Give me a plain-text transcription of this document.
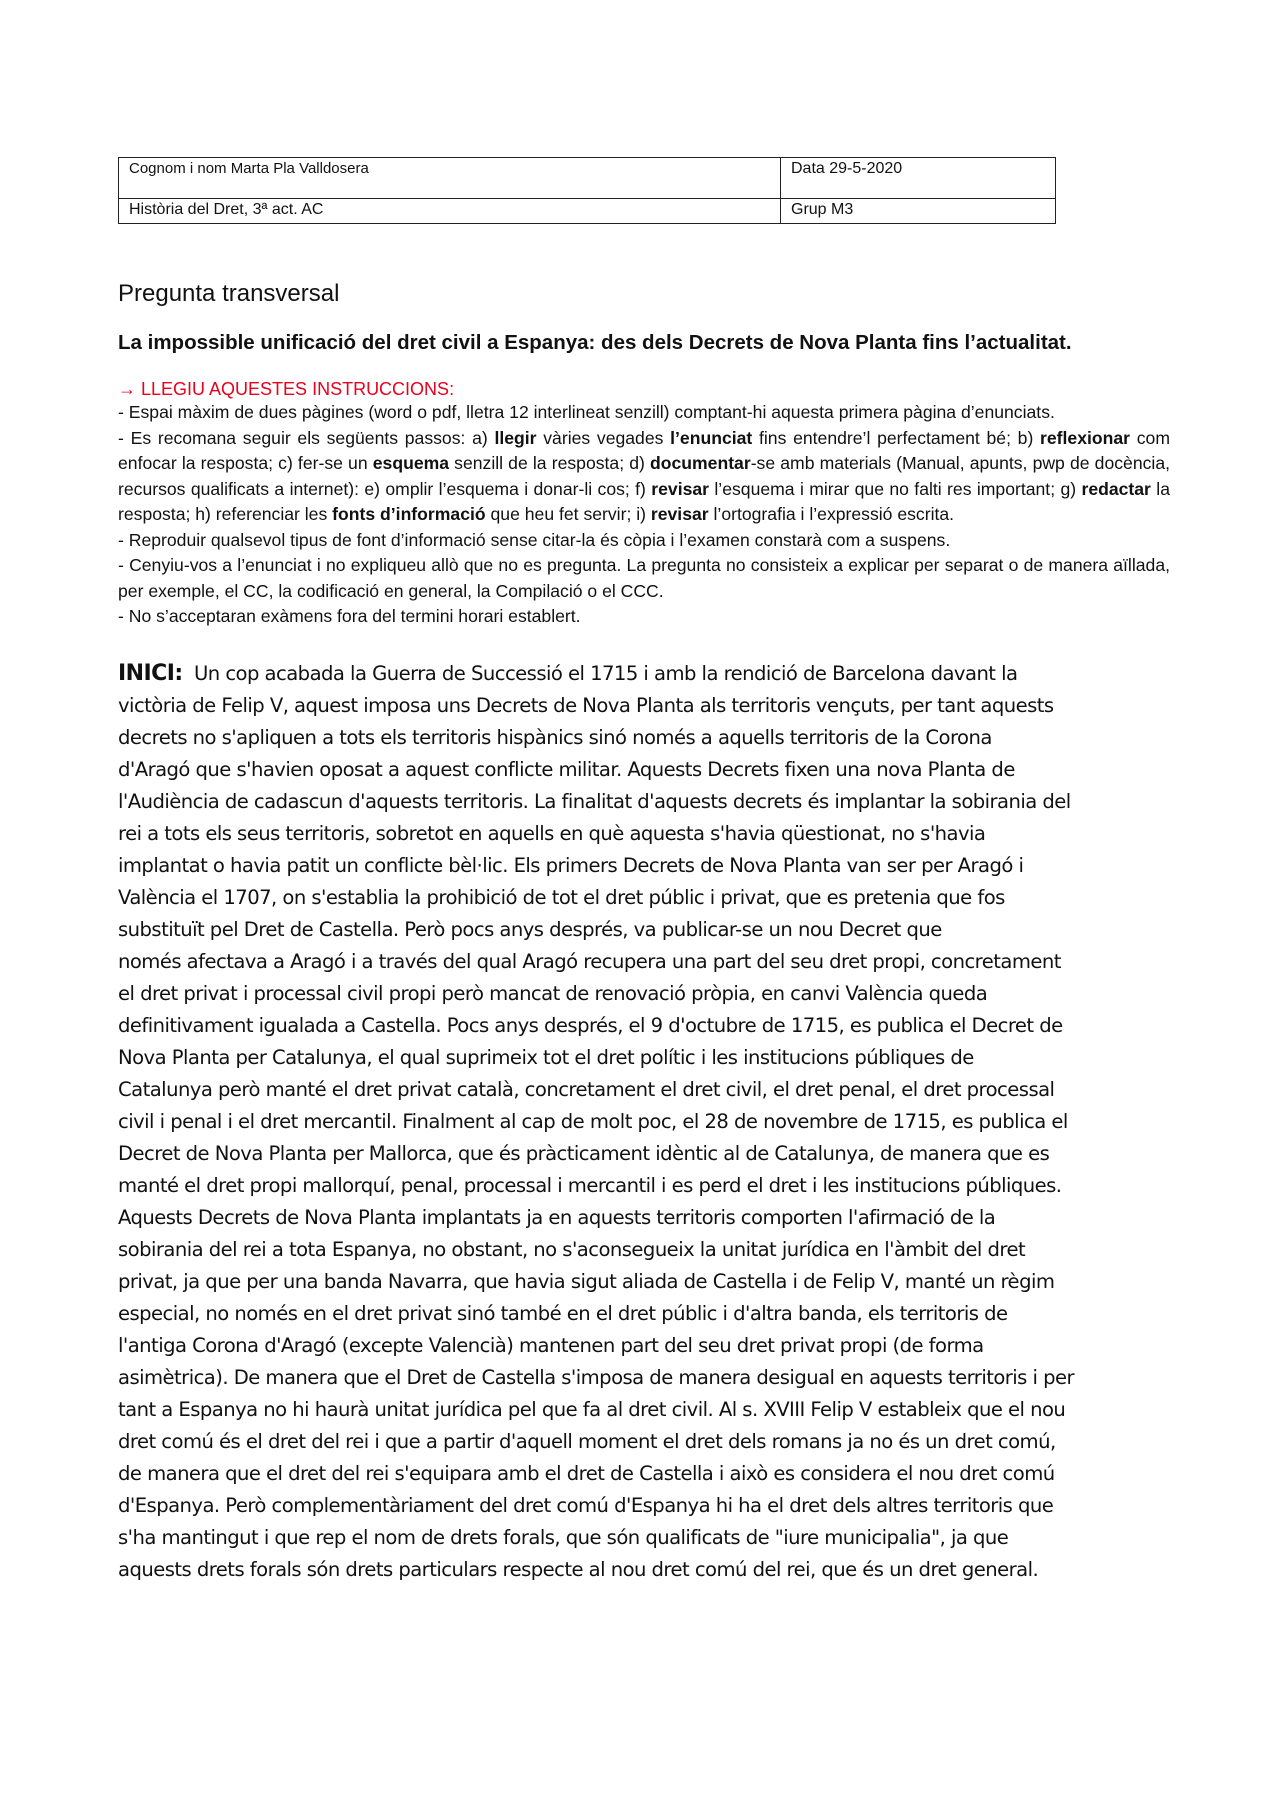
Cognom i nom Marta Pla Valldosera	Data 29-5-2020
Història del Dret, 3ª act. AC	Grup M3
Pregunta transversal
La impossible unificació del dret civil a Espanya: des dels Decrets de Nova Planta fins l’actualitat.
→ LLEGIU AQUESTES INSTRUCCIONS:

- Espai màxim de dues pàgines (word o pdf, lletra 12 interlineat senzill) comptant-hi aquesta primera pàgina d’enunciats.

- Es recomana seguir els següents passos: a) llegir vàries vegades l’enunciat fins entendre’l perfectament bé; b) reflexionar com enfocar la resposta; c) fer-se un esquema senzill de la resposta; d) documentar-se amb materials (Manual, apunts, pwp de docència, recursos qualificats a internet): e) omplir l’esquema i donar-li cos; f) revisar l’esquema i mirar que no falti res important; g) redactar la resposta; h) referenciar les fonts d’informació que heu fet servir; i) revisar l’ortografia i l’expressió escrita.

- Reproduir qualsevol tipus de font d’informació sense citar-la és còpia i l’examen constarà com a suspens.

- Cenyiu-vos a l’enunciat i no expliqueu allò que no es pregunta. La pregunta no consisteix a explicar per separat o de manera aïllada, per exemple, el CC, la codificació en general, la Compilació o el CCC.

- No s’acceptaran exàmens fora del termini horari establert.

INICI: Un cop acabada la Guerra de Successió el 1715 i amb la rendició de Barcelona davant la
victòria de Felip V, aquest imposa uns Decrets de Nova Planta als territoris vençuts, per tant aquests
decrets no s'apliquen a tots els territoris hispànics sinó només a aquells territoris de la Corona
d'Aragó que s'havien oposat a aquest conflicte militar. Aquests Decrets fixen una nova Planta de
l'Audiència de cadascun d'aquests territoris. La finalitat d'aquests decrets és implantar la sobirania del
rei a tots els seus territoris, sobretot en aquells en què aquesta s'havia qüestionat, no s'havia
implantat o havia patit un conflicte bèl·lic. Els primers Decrets de Nova Planta van ser per Aragó i
València el 1707, on s'establia la prohibició de tot el dret públic i privat, que es pretenia que fos
substituït pel Dret de Castella. Però pocs anys després, va publicar-se un nou Decret que
només afectava a Aragó i a través del qual Aragó recupera una part del seu dret propi, concretament
el dret privat i processal civil propi però mancat de renovació pròpia, en canvi València queda
definitivament igualada a Castella. Pocs anys després, el 9 d'octubre de 1715, es publica el Decret de
Nova Planta per Catalunya, el qual suprimeix tot el dret polític i les institucions públiques de
Catalunya però manté el dret privat català, concretament el dret civil, el dret penal, el dret processal
civil i penal i el dret mercantil. Finalment al cap de molt poc, el 28 de novembre de 1715, es publica el
Decret de Nova Planta per Mallorca, que és pràcticament idèntic al de Catalunya, de manera que es
manté el dret propi mallorquí, penal, processal i mercantil i es perd el dret i les institucions públiques.
Aquests Decrets de Nova Planta implantats ja en aquests territoris comporten l'afirmació de la
sobirania del rei a tota Espanya, no obstant, no s'aconsegueix la unitat jurídica en l'àmbit del dret
privat, ja que per una banda Navarra, que havia sigut aliada de Castella i de Felip V, manté un règim
especial, no només en el dret privat sinó també en el dret públic i d'altra banda, els territoris de
l'antiga Corona d'Aragó (excepte Valencià) mantenen part del seu dret privat propi (de forma
asimètrica). De manera que el Dret de Castella s'imposa de manera desigual en aquests territoris i per
tant a Espanya no hi haurà unitat jurídica pel que fa al dret civil. Al s. XVIII Felip V estableix que el nou
dret comú és el dret del rei i que a partir d'aquell moment el dret dels romans ja no és un dret comú,
de manera que el dret del rei s'equipara amb el dret de Castella i això es considera el nou dret comú
d'Espanya. Però complementàriament del dret comú d'Espanya hi ha el dret dels altres territoris que
s'ha mantingut i que rep el nom de drets forals, que són qualificats de "iure municipalia", ja que
aquests drets forals són drets particulars respecte al nou dret comú del rei, que és un dret general.
